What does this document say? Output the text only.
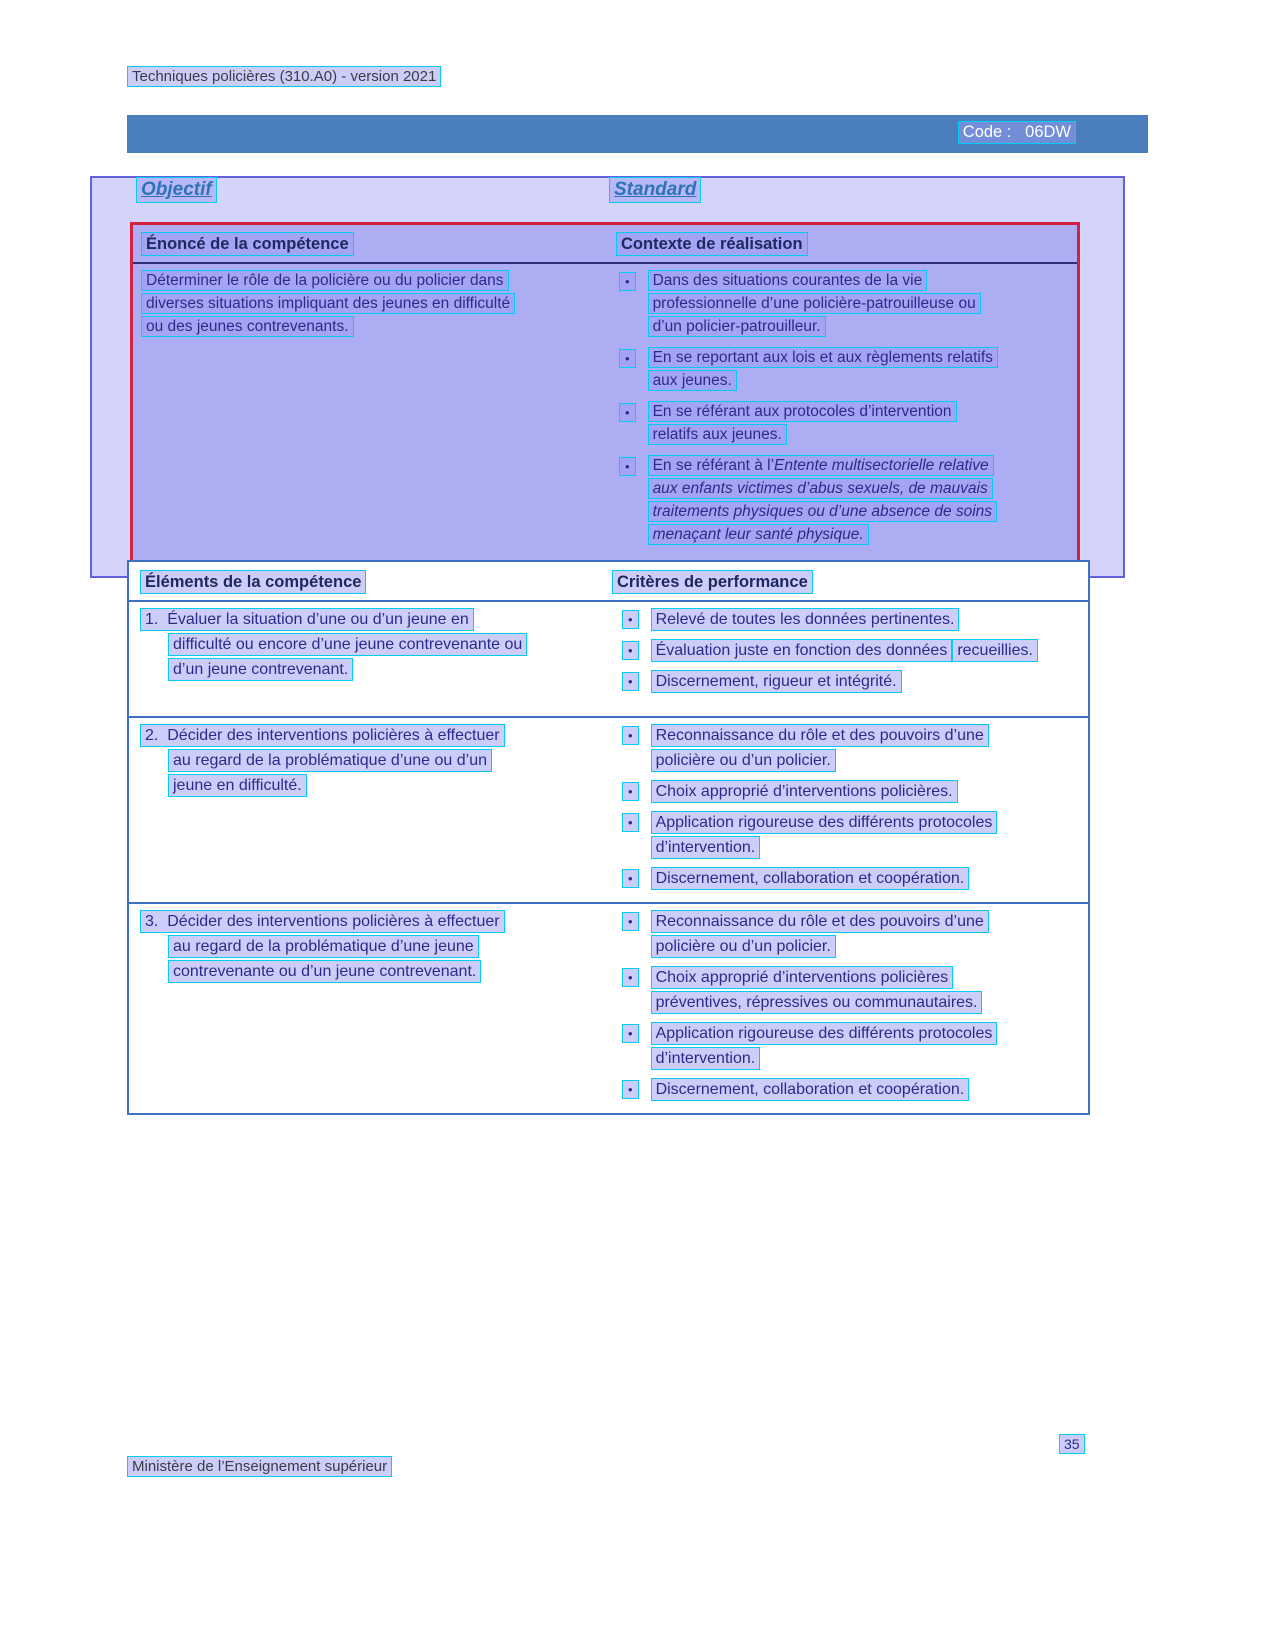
Techniques policières (310.A0) - version 2021
Code :   06DW
Objectif	Standard
Énoncé de la compétence	Contexte de réalisation
Déterminer le rôle de la policière ou du policier dansdiverses situations impliquant des jeunes en difficultéou des jeunes contrevenants.
•	Dans des situations courantes de la vieprofessionnelle d’une policière-patrouilleuse oud’un policier-patrouilleur.
•	En se reportant aux lois et aux règlements relatifsaux jeunes.
•	En se référant aux protocoles d’interventionrelatifs aux jeunes.
•	En se référant à l’Entente multisectorielle relativeaux enfants victimes d’abus sexuels, de mauvaistraitements physiques ou d’une absence de soinsmenaçant leur santé physique.
Éléments de la compétence	Critères de performance
1.  Évaluer la situation d’une ou d’un jeune endifficulté ou encore d’une jeune contrevenante oud’un jeune contrevenant.
•	Relevé de toutes les données pertinentes.
•	Évaluation juste en fonction des données recueillies.
•	Discernement, rigueur et intégrité.
2.  Décider des interventions policières à effectuerau regard de la problématique d’une ou d’unjeune en difficulté.
•	Reconnaissance du rôle et des pouvoirs d’unepolicière ou d’un policier.
•	Choix approprié d’interventions policières.
•	Application rigoureuse des différents protocolesd’intervention.
•	Discernement, collaboration et coopération.
3.  Décider des interventions policières à effectuerau regard de la problématique d’une jeunecontrevenante ou d’un jeune contrevenant.
•	Reconnaissance du rôle et des pouvoirs d’unepolicière ou d’un policier.
•	Choix approprié d’interventions policièrespréventives, répressives ou communautaires.
•	Application rigoureuse des différents protocolesd’intervention.
•	Discernement, collaboration et coopération.
35
Ministère de l’Enseignement supérieur
